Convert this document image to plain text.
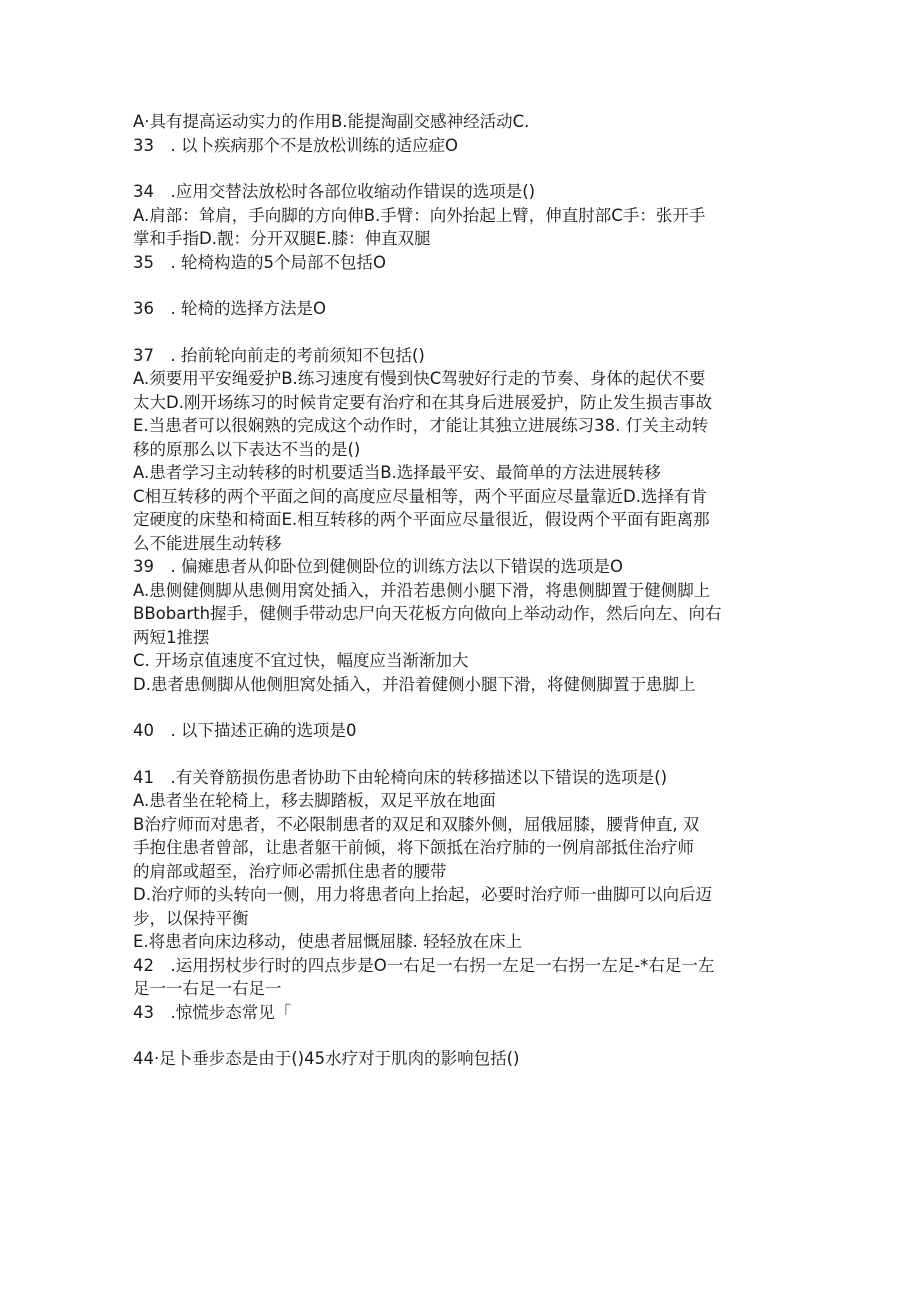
A·具有提高运动实力的作用B.能提淘副交感神经活动C.
33　. 以卜疾病那个不是放松训练的适应症O
34　.应用交替法放松时各部位收缩动作错误的选项是()
A.肩部：耸肩，手向脚的方向伸B.手臂：向外抬起上臂，伸直肘部C手：张开手
掌和手指D.靓：分开双腿E.膝：伸直双腿
35　. 轮椅构造的5个局部不包括O
36　. 轮椅的选择方法是O
37　. 抬前轮向前走的考前须知不包括()
A.须要用平安绳爱护B.练习速度有慢到快C驾驶好行走的节奏、身体的起伏不要
太大D.刚开场练习的时候肯定要有治疗和在其身后进展爱护，防止发生损吉事故
E.当患者可以很娴熟的完成这个动作时，才能让其独立进展练习38. 仃关主动转
移的原那么以下表达不当的是()
A.患者学习主动转移的时机要适当B.选择最平安、最简单的方法进展转移
C相互转移的两个平面之间的高度应尽量相等，两个平面应尽量靠近D.选择有肯
定硬度的床垫和椅面E.相互转移的两个平面应尽量很近，假设两个平面有距离那
么不能进展生动转移
39　. 偏瘫患者从仰卧位到健侧卧位的训练方法以下错误的选项是O
A.患侧健侧脚从患侧用窝处插入，并沿若患侧小腿下滑，将患侧脚置于健侧脚上
BBobarth握手，健侧手带动忠尸向天花板方向做向上举动动作，然后向左、向右
两短1推摆
C. 开场京值速度不宜过快，幅度应当渐渐加大
D.患者患侧脚从他侧胆窝处插入，并沿着健侧小腿下滑，将健侧脚置于患脚上
40　. 以下描述正确的选项是0
41　.有关脊筋损伤患者协助下由轮椅向床的转移描述以下错误的选项是()
A.患者坐在轮椅上，移去脚踏板，双足平放在地面
B治疗师而对患者，不必限制患者的双足和双膝外侧，屈俄屈膝，腰背伸直, 双
手抱住患者曾部，让患者躯干前倾，将下颌抵在治疗肺的一例肩部抵住治疗师
的肩部或超至，治疗师必需抓住患者的腰带
D.治疗师的头转向一侧，用力将患者向上抬起，必要时治疗师一曲脚可以向后迈
步，以保持平衡
E.将患者向床边移动，使患者屈慨屈膝. 轻轻放在床上
42　.运用拐杖步行时的四点步是O一右足一右拐一左足一右拐一左足-*右足一左
足一一右足一右足一
43　.惊慌步态常见「
44·足卜垂步态是由于()45水疗对于肌肉的影响包括()
